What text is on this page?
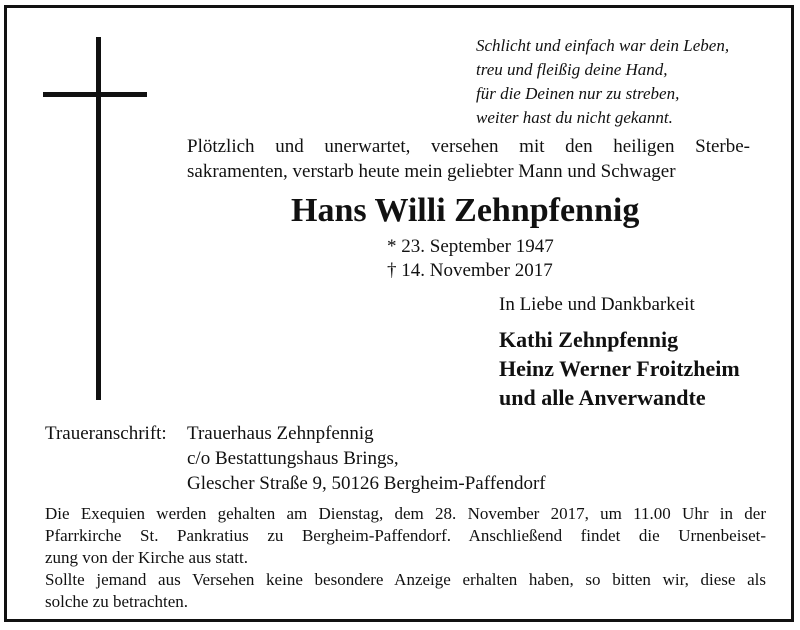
Schlicht und einfach war dein Leben,
treu und fleißig deine Hand,
für die Deinen nur zu streben,
weiter hast du nicht gekannt.
Plötzlich und unerwartet, versehen mit den heiligen Sterbe-
sakramenten, verstarb heute mein geliebter Mann und Schwager
Hans Willi Zehnpfennig
* 23. September 1947
† 14. November 2017
In Liebe und Dankbarkeit
Kathi Zehnpfennig
Heinz Werner Froitzheim
und alle Anverwandte
Traueranschrift: Trauerhaus Zehnpfennig
c/o Bestattungshaus Brings,
Glescher Straße 9, 50126 Bergheim-Paffendorf
Die Exequien werden gehalten am Dienstag, dem 28. November 2017, um 11.00 Uhr in der
Pfarrkirche St. Pankratius zu Bergheim-Paffendorf. Anschließend findet die Urnenbeiset-
zung von der Kirche aus statt.
Sollte jemand aus Versehen keine besondere Anzeige erhalten haben, so bitten wir, diese als
solche zu betrachten.
